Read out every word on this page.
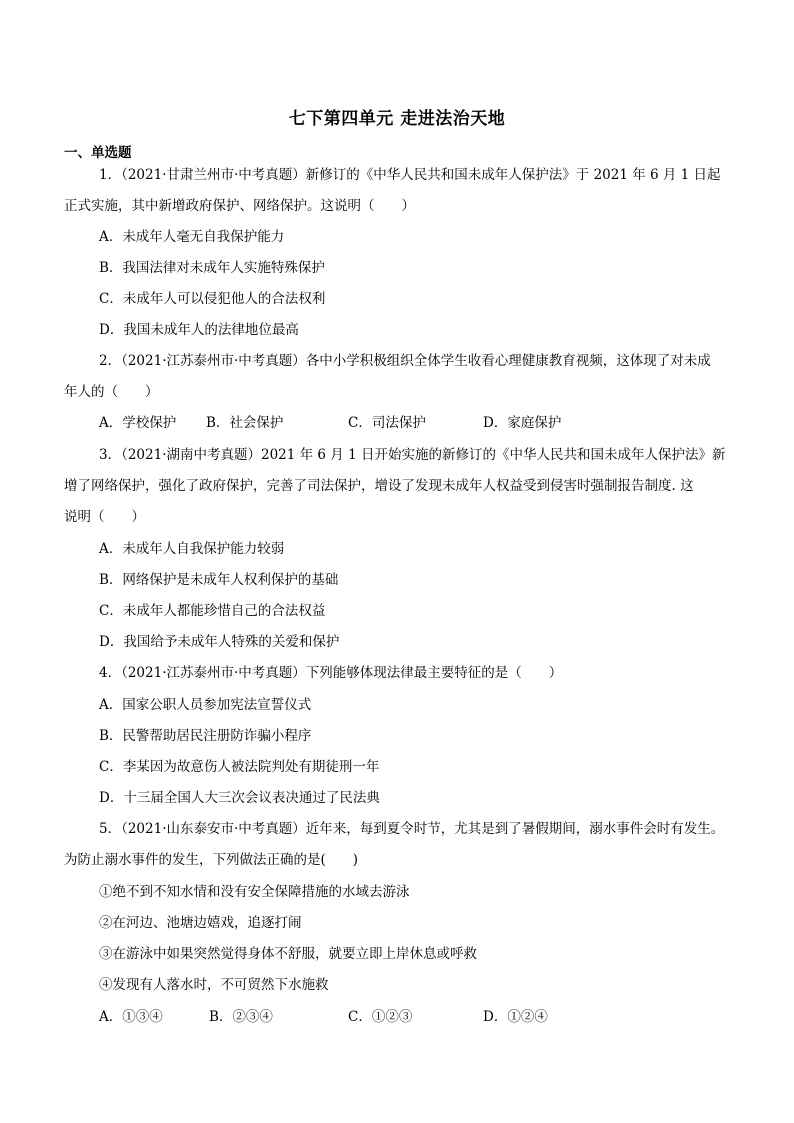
七下第四单元 走进法治天地
一、单选题
1．（2021·甘肃兰州市·中考真题）新修订的《中华人民共和国未成年人保护法》于 2021 年 6 月 1 日起
正式实施，其中新增政府保护、网络保护。这说明（　　）
A．未成年人毫无自我保护能力
B．我国法律对未成年人实施特殊保护
C．未成年人可以侵犯他人的合法权利
D．我国未成年人的法律地位最高
2．（2021·江苏泰州市·中考真题）各中小学积极组织全体学生收看心理健康教育视频，这体现了对未成
年人的（　　）
A．学校保护 B．社会保护	C．司法保护	D．家庭保护
3．（2021·湖南中考真题）2021 年 6 月 1 日开始实施的新修订的《中华人民共和国未成年人保护法》新
增了网络保护，强化了政府保护，完善了司法保护，增设了发现未成年人权益受到侵害时强制报告制度. 这
说明（　　）
A．未成年人自我保护能力较弱
B．网络保护是未成年人权利保护的基础
C．未成年人都能珍惜自己的合法权益
D．我国给予未成年人特殊的关爱和保护
4．（2021·江苏泰州市·中考真题）下列能够体现法律最主要特征的是（　　）
A．国家公职人员参加宪法宣誓仪式
B．民警帮助居民注册防诈骗小程序
C．李某因为故意伤人被法院判处有期徒刑一年
D．十三届全国人大三次会议表决通过了民法典
5．（2021·山东泰安市·中考真题）近年来，每到夏令时节，尤其是到了暑假期间，溺水事件会时有发生。
为防止溺水事件的发生，下列做法正确的是(　　)
①绝不到不知水情和没有安全保障措施的水域去游泳
②在河边、池塘边嬉戏，追逐打闹
③在游泳中如果突然觉得身体不舒服，就要立即上岸休息或呼救
④发现有人落水时，不可贸然下水施救
A．①③④	B．②③④	C．①②③	D．①②④
